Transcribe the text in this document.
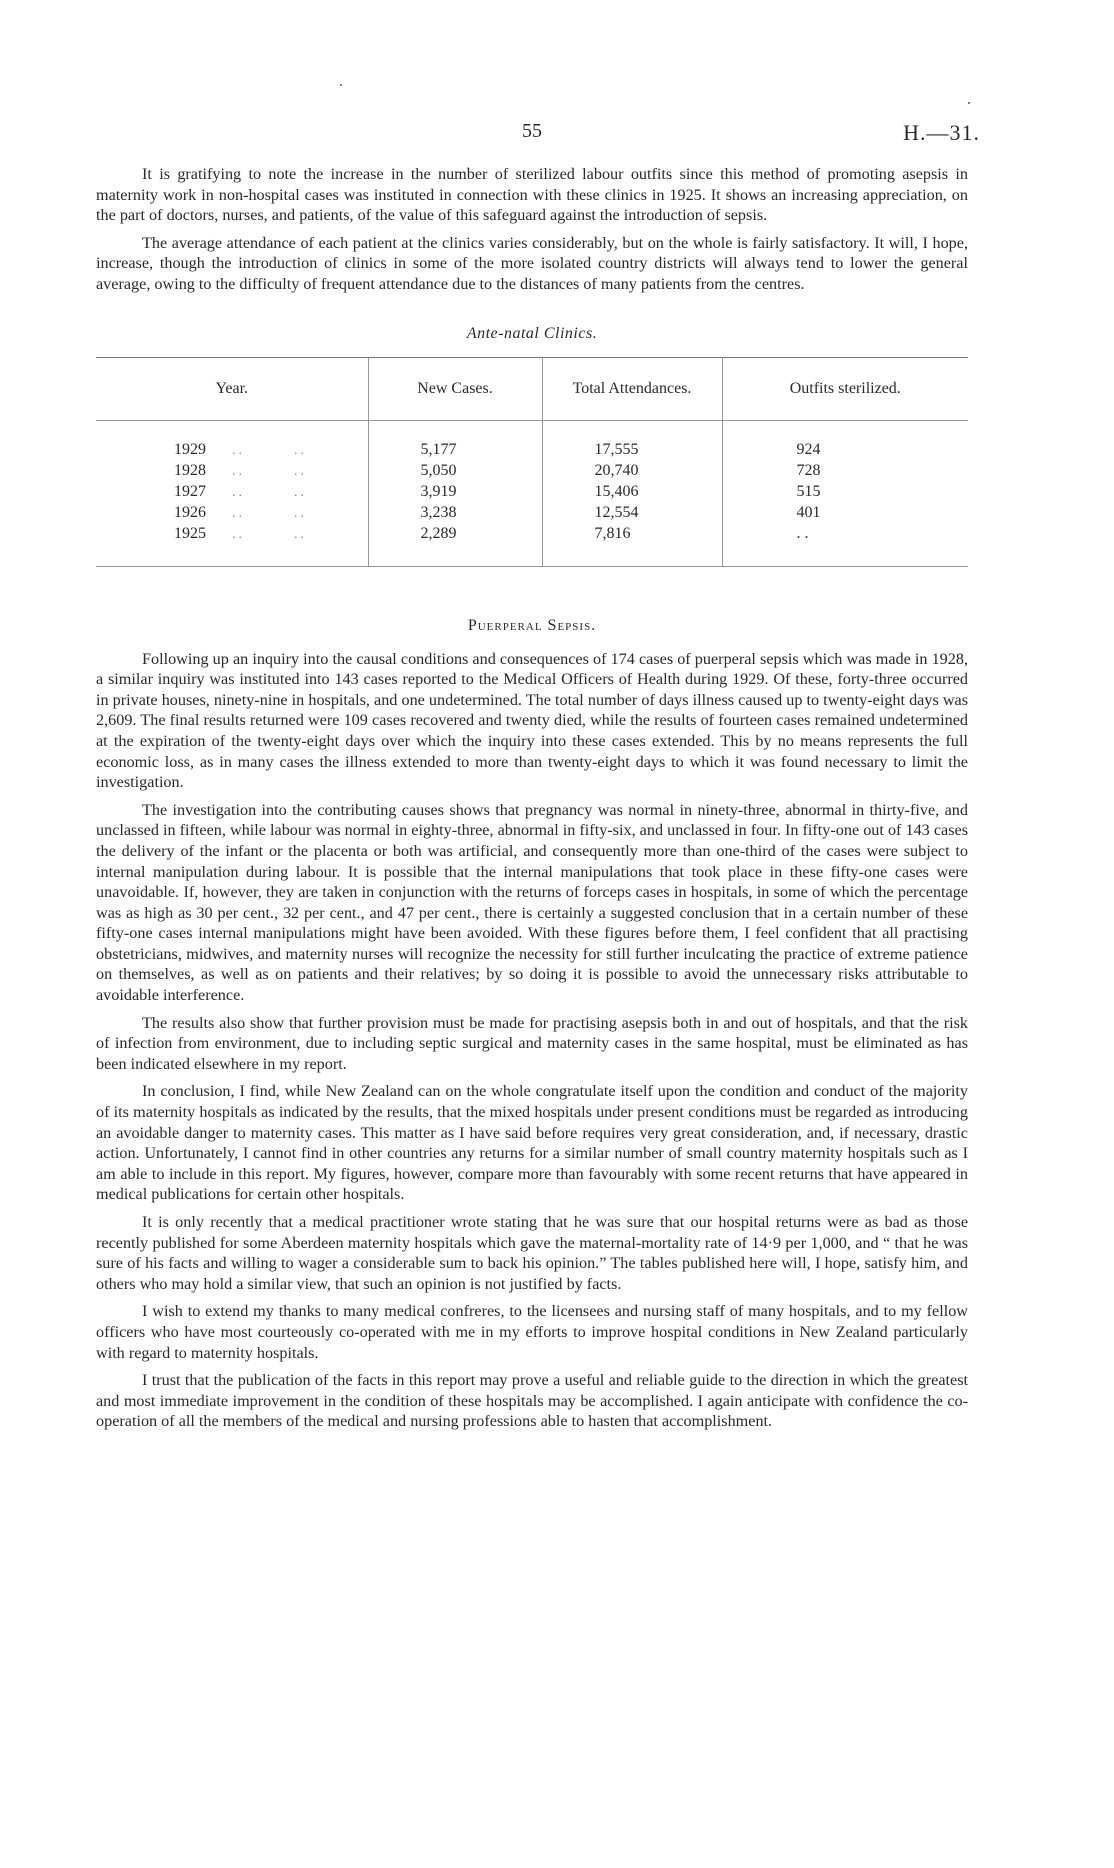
55	H.—31.

It is gratifying to note the increase in the number of sterilized labour outfits since this method of promoting asepsis in maternity work in non-hospital cases was instituted in connection with these clinics in 1925. It shows an increasing appreciation, on the part of doctors, nurses, and patients, of the value of this safeguard against the introduction of sepsis.

The average attendance of each patient at the clinics varies considerably, but on the whole is fairly satisfactory. It will, I hope, increase, though the introduction of clinics in some of the more isolated country districts will always tend to lower the general average, owing to the difficulty of frequent attendance due to the distances of many patients from the centres.

Ante-natal Clinics.
Year.	New Cases.	Total Attendances.	Outfits sterilized.
1929 . . . .	5,177	17,555	924
1928 . . . .	5,050	20,740	728
1927 . . . .	3,919	15,406	515
1926 . . . .	3,238	12,554	401
1925 . . . .	2,289	7,816	. .
Puerperal Sepsis.

Following up an inquiry into the causal conditions and consequences of 174 cases of puerperal sepsis which was made in 1928, a similar inquiry was instituted into 143 cases reported to the Medical Officers of Health during 1929. Of these, forty-three occurred in private houses, ninety-nine in hospitals, and one undetermined. The total number of days illness caused up to twenty-eight days was 2,609. The final results returned were 109 cases recovered and twenty died, while the results of fourteen cases remained undetermined at the expiration of the twenty-eight days over which the inquiry into these cases extended. This by no means represents the full economic loss, as in many cases the illness extended to more than twenty-eight days to which it was found necessary to limit the investigation.

The investigation into the contributing causes shows that pregnancy was normal in ninety-three, abnormal in thirty-five, and unclassed in fifteen, while labour was normal in eighty-three, abnormal in fifty-six, and unclassed in four. In fifty-one out of 143 cases the delivery of the infant or the placenta or both was artificial, and consequently more than one-third of the cases were subject to internal manipulation during labour. It is possible that the internal manipulations that took place in these fifty-one cases were unavoidable. If, however, they are taken in conjunction with the returns of forceps cases in hospitals, in some of which the percentage was as high as 30 per cent., 32 per cent., and 47 per cent., there is certainly a suggested conclusion that in a certain number of these fifty-one cases internal manipulations might have been avoided. With these figures before them, I feel confident that all practising obstetricians, midwives, and maternity nurses will recognize the necessity for still further inculcating the practice of extreme patience on themselves, as well as on patients and their relatives; by so doing it is possible to avoid the unnecessary risks attributable to avoidable interference.

The results also show that further provision must be made for practising asepsis both in and out of hospitals, and that the risk of infection from environment, due to including septic surgical and maternity cases in the same hospital, must be eliminated as has been indicated elsewhere in my report.

In conclusion, I find, while New Zealand can on the whole congratulate itself upon the condition and conduct of the majority of its maternity hospitals as indicated by the results, that the mixed hospitals under present conditions must be regarded as introducing an avoidable danger to maternity cases. This matter as I have said before requires very great consideration, and, if necessary, drastic action. Unfortunately, I cannot find in other countries any returns for a similar number of small country maternity hospitals such as I am able to include in this report. My figures, however, compare more than favourably with some recent returns that have appeared in medical publications for certain other hospitals.

It is only recently that a medical practitioner wrote stating that he was sure that our hospital returns were as bad as those recently published for some Aberdeen maternity hospitals which gave the maternal-mortality rate of 14·9 per 1,000, and “ that he was sure of his facts and willing to wager a considerable sum to back his opinion.” The tables published here will, I hope, satisfy him, and others who may hold a similar view, that such an opinion is not justified by facts.

I wish to extend my thanks to many medical confreres, to the licensees and nursing staff of many hospitals, and to my fellow officers who have most courteously co-operated with me in my efforts to improve hospital conditions in New Zealand particularly with regard to maternity hospitals.

I trust that the publication of the facts in this report may prove a useful and reliable guide to the direction in which the greatest and most immediate improvement in the condition of these hospitals may be accomplished. I again anticipate with confidence the co-operation of all the members of the medical and nursing professions able to hasten that accomplishment.
